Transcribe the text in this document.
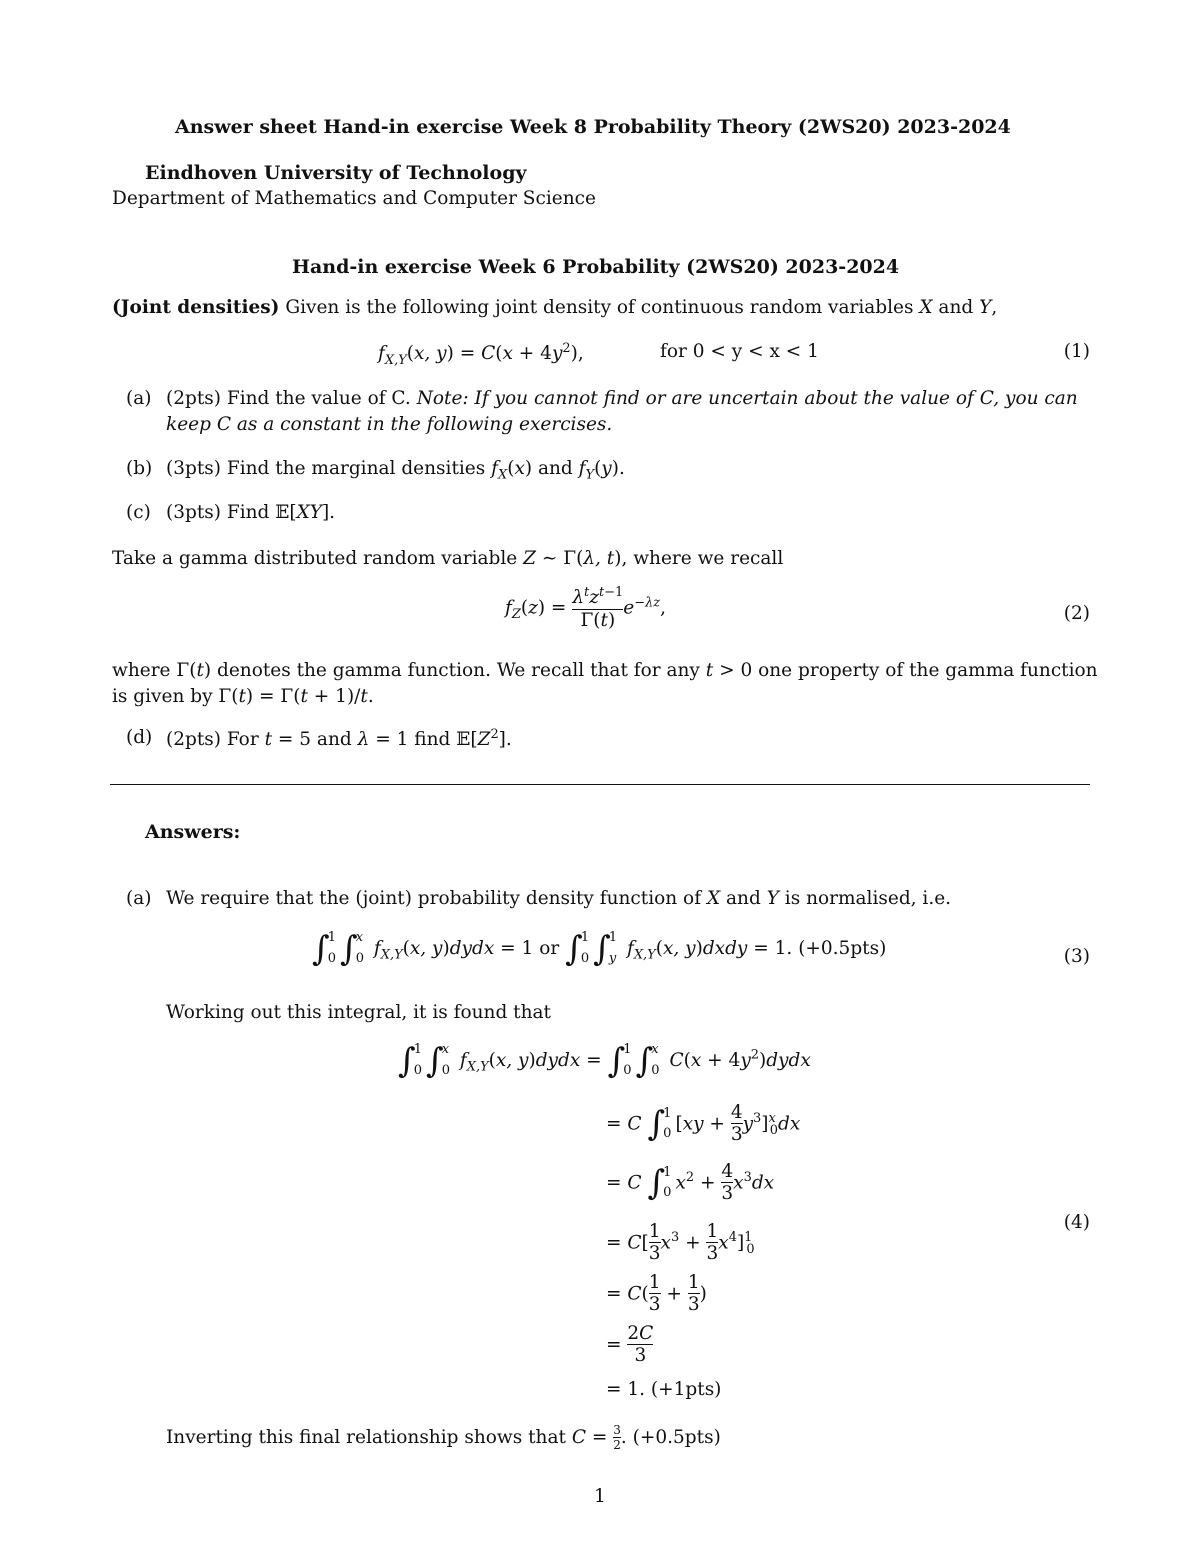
Answer sheet Hand-in exercise Week 8 Probability Theory (2WS20) 2023-2024
Eindhoven University of Technology
Department of Mathematics and Computer Science
Hand-in exercise Week 6 Probability (2WS20) 2023-2024
(Joint densities) Given is the following joint density of continuous random variables X and Y,
$f_{X,Y}(x$, $y) = C(x + 4y^2)$,	for 0 < y < x < 1	(1)
(a) (2pts) Find the value of C. Note: If you cannot find or are uncertain about the value of C, you can
keep C as a constant in the following exercises.
(b) (3pts) Find the marginal densities $f_X(x)$ and $f_Y(y)$.
(c) (3pts) Find 𝔼[XY].
Take a gamma distributed random variable Z ∼ Γ(λ, t), where we recall
$f_Z(z) = \frac{\lambda^tz^{t-1}}{\Gamma(t)} e^{-\lambda z}$,	(2)
where Γ(t) denotes the gamma function. We recall that for any t > 0 one property of the gamma function
is given by Γ(t) = Γ(t + 1)/t.
(d) (2pts) For t = 5 and λ = 1 find $𝔼[Z^2]$.
Answers:
(a) We require that the (joint) probability density function of X and Y is normalised, i.e.
∫
1
0 ∫
x
0 $f_{X,Y}(x$, y)dydx = 1 or ∫
1
0 ∫
1
y $f_{X,Y}(x$, y)dxdy = 1. (+0.5pts)	(3)
Working out this integral, it is found that
∫
1
0 ∫
x
0 $f_{X,Y}(x$, y)dydx = ∫
1
0 ∫
x
0 $C(x + 4y^2)dydx$
= C ∫
1
0 $[xy + \frac{4}{3} y^3]^x_0dx$
= C ∫
1
0 $x^2 + \frac{4}{3} x^3dx$
= $C[ \frac{1}{3} x^3 + \frac{1}{3} x^4]^1_0$
= $C( \frac{1}{3} + \frac{1}{3}$ )
= $\frac{2C}{3}$
= 1. (+1pts)
(4)
Inverting this final relationship shows that $C = \frac{3}{2}$ . (+0.5pts)
1
